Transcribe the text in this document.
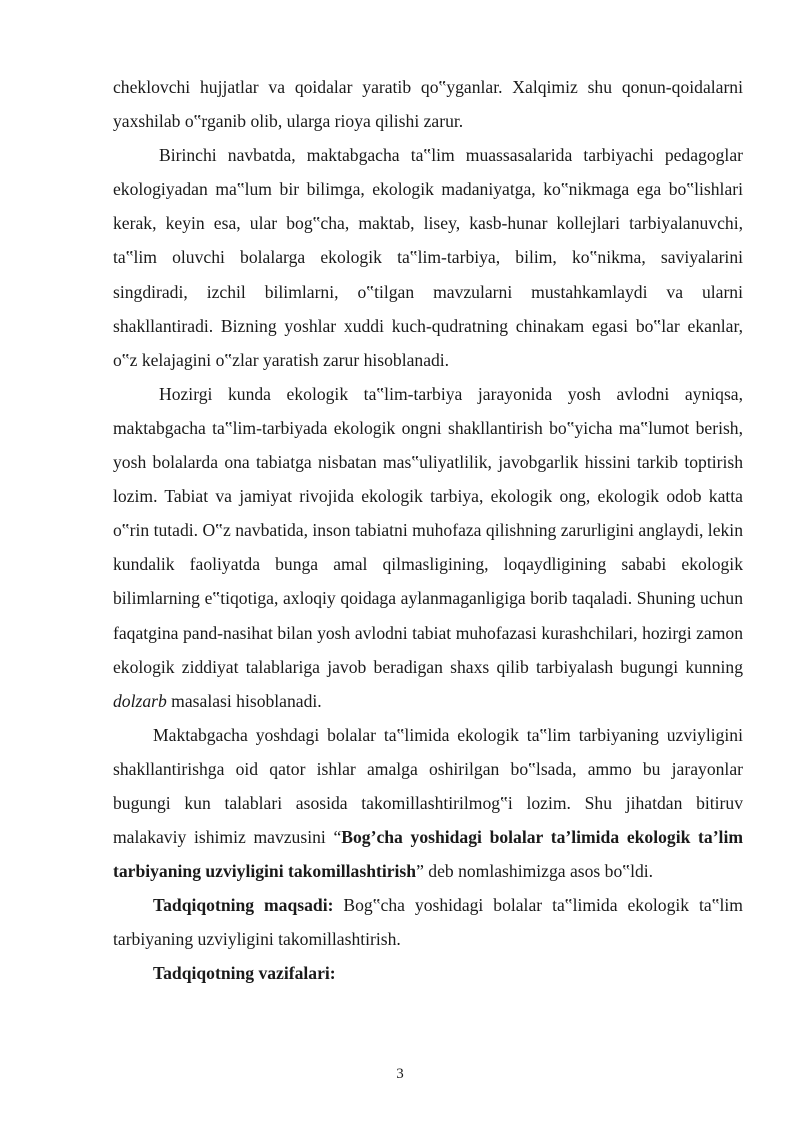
cheklovchi hujjatlar va qoidalar yaratib qo‟yganlar. Xalqimiz shu qonun-qoidalarni yaxshilab o‟rganib olib, ularga rioya qilishi zarur.

Birinchi navbatda, maktabgacha ta‟lim muassasalarida tarbiyachi pedagoglar ekologiyadan ma‟lum bir bilimga, ekologik madaniyatga, ko‟nikmaga ega bo‟lishlari kerak, keyin esa, ular bog‟cha, maktab, lisey, kasb-hunar kollejlari tarbiyalanuvchi, ta‟lim oluvchi bolalarga ekologik ta‟lim-tarbiya, bilim, ko‟nikma, saviyalarini singdiradi, izchil bilimlarni, o‟tilgan mavzularni mustahkamlaydi va ularni shakllantiradi. Bizning yoshlar xuddi kuch-qudratning chinakam egasi bo‟lar ekanlar, o‟z kelajagini o‟zlar yaratish zarur hisoblanadi.

Hozirgi kunda ekologik ta‟lim-tarbiya jarayonida yosh avlodni ayniqsa, maktabgacha ta‟lim-tarbiyada ekologik ongni shakllantirish bo‟yicha ma‟lumot berish, yosh bolalarda ona tabiatga nisbatan mas‟uliyatlilik, javobgarlik hissini tarkib toptirish lozim. Tabiat va jamiyat rivojida ekologik tarbiya, ekologik ong, ekologik odob katta o‟rin tutadi. O‟z navbatida, inson tabiatni muhofaza qilishning zarurligini anglaydi, lekin kundalik faoliyatda bunga amal qilmasligining, loqaydligining sababi ekologik bilimlarning e‟tiqotiga, axloqiy qoidaga aylanmaganligiga borib taqaladi. Shuning uchun faqatgina pand-nasihat bilan yosh avlodni tabiat muhofazasi kurashchilari, hozirgi zamon ekologik ziddiyat talablariga javob beradigan shaxs qilib tarbiyalash bugungi kunning dolzarb masalasi hisoblanadi.

Maktabgacha yoshdagi bolalar ta‟limida ekologik ta‟lim tarbiyaning uzviyligini shakllantirishga oid qator ishlar amalga oshirilgan bo‟lsada, ammo bu jarayonlar bugungi kun talablari asosida takomillashtirilmog‟i lozim. Shu jihatdan bitiruv malakaviy ishimiz mavzusini “Bog’cha yoshidagi bolalar ta’limida ekologik ta’lim tarbiyaning uzviyligini takomillashtirish” deb nomlashimizga asos bo‟ldi.

Tadqiqotning maqsadi: Bog‟cha yoshidagi bolalar ta‟limida ekologik ta‟lim tarbiyaning uzviyligini takomillashtirish.

Tadqiqotning vazifalari:

3
